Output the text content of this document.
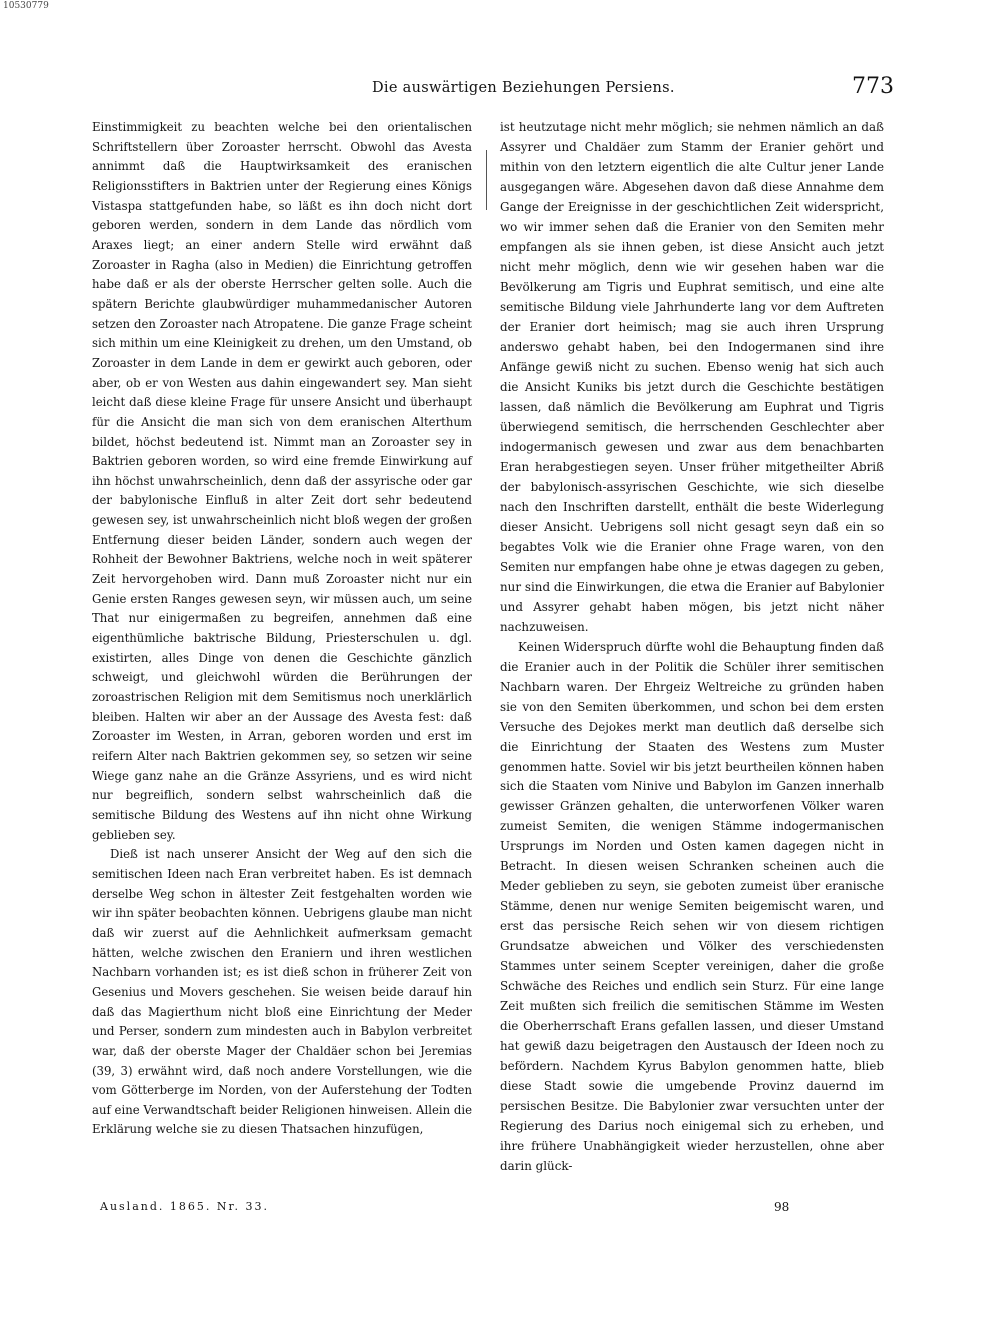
10530779
Die auswärtigen Beziehungen Persiens.	773

Einstimmigkeit zu beachten welche bei den orientalischen Schriftstellern über Zoroaster herrscht. Obwohl das Avesta annimmt daß die Hauptwirksamkeit des eranischen Religionsstifters in Baktrien unter der Regierung eines Königs Vistaspa stattgefunden habe, so läßt es ihn doch nicht dort geboren werden, sondern in dem Lande das nördlich vom Araxes liegt; an einer andern Stelle wird erwähnt daß Zoroaster in Ragha (also in Medien) die Einrichtung getroffen habe daß er als der oberste Herrscher gelten solle. Auch die spätern Berichte glaubwürdiger muhammedanischer Autoren setzen den Zoroaster nach Atropatene. Die ganze Frage scheint sich mithin um eine Kleinigkeit zu drehen, um den Umstand, ob Zoroaster in dem Lande in dem er gewirkt auch geboren, oder aber, ob er von Westen aus dahin eingewandert sey. Man sieht leicht daß diese kleine Frage für unsere Ansicht und überhaupt für die Ansicht die man sich von dem eranischen Alterthum bildet, höchst bedeutend ist. Nimmt man an Zoroaster sey in Baktrien geboren worden, so wird eine fremde Einwirkung auf ihn höchst unwahrscheinlich, denn daß der assyrische oder gar der babylonische Einfluß in alter Zeit dort sehr bedeutend gewesen sey, ist unwahrscheinlich nicht bloß wegen der großen Entfernung dieser beiden Länder, sondern auch wegen der Rohheit der Bewohner Baktriens, welche noch in weit späterer Zeit hervorgehoben wird. Dann muß Zoroaster nicht nur ein Genie ersten Ranges gewesen seyn, wir müssen auch, um seine That nur einigermaßen zu begreifen, annehmen daß eine eigenthümliche baktrische Bildung, Priesterschulen u. dgl. existirten, alles Dinge von denen die Geschichte gänzlich schweigt, und gleichwohl würden die Berührungen der zoroastrischen Religion mit dem Semitismus noch unerklärlich bleiben. Halten wir aber an der Aussage des Avesta fest: daß Zoroaster im Westen, in Arran, geboren worden und erst im reifern Alter nach Baktrien gekommen sey, so setzen wir seine Wiege ganz nahe an die Gränze Assyriens, und es wird nicht nur begreiflich, sondern selbst wahrscheinlich daß die semitische Bildung des Westens auf ihn nicht ohne Wirkung geblieben sey.

Dieß ist nach unserer Ansicht der Weg auf den sich die semitischen Ideen nach Eran verbreitet haben. Es ist demnach derselbe Weg schon in ältester Zeit festgehalten worden wie wir ihn später beobachten können. Uebrigens glaube man nicht daß wir zuerst auf die Aehnlichkeit aufmerksam gemacht hätten, welche zwischen den Eraniern und ihren westlichen Nachbarn vorhanden ist; es ist dieß schon in früherer Zeit von Gesenius und Movers geschehen. Sie weisen beide darauf hin daß das Magierthum nicht bloß eine Einrichtung der Meder und Perser, sondern zum mindesten auch in Babylon verbreitet war, daß der oberste Mager der Chaldäer schon bei Jeremias (39, 3) erwähnt wird, daß noch andere Vorstellungen, wie die vom Götterberge im Norden, von der Auferstehung der Todten auf eine Verwandtschaft beider Religionen hinweisen. Allein die Erklärung welche sie zu diesen Thatsachen hinzufügen,

ist heutzutage nicht mehr möglich; sie nehmen nämlich an daß Assyrer und Chaldäer zum Stamm der Eranier gehört und mithin von den letztern eigentlich die alte Cultur jener Lande ausgegangen wäre. Abgesehen davon daß diese Annahme dem Gange der Ereignisse in der geschichtlichen Zeit widerspricht, wo wir immer sehen daß die Eranier von den Semiten mehr empfangen als sie ihnen geben, ist diese Ansicht auch jetzt nicht mehr möglich, denn wie wir gesehen haben war die Bevölkerung am Tigris und Euphrat semitisch, und eine alte semitische Bildung viele Jahrhunderte lang vor dem Auftreten der Eranier dort heimisch; mag sie auch ihren Ursprung anderswo gehabt haben, bei den Indogermanen sind ihre Anfänge gewiß nicht zu suchen. Ebenso wenig hat sich auch die Ansicht Kuniks bis jetzt durch die Geschichte bestätigen lassen, daß nämlich die Bevölkerung am Euphrat und Tigris überwiegend semitisch, die herrschenden Geschlechter aber indogermanisch gewesen und zwar aus dem benachbarten Eran herabgestiegen seyen. Unser früher mitgetheilter Abriß der babylonisch-assyrischen Geschichte, wie sich dieselbe nach den Inschriften darstellt, enthält die beste Widerlegung dieser Ansicht. Uebrigens soll nicht gesagt seyn daß ein so begabtes Volk wie die Eranier ohne Frage waren, von den Semiten nur empfangen habe ohne je etwas dagegen zu geben, nur sind die Einwirkungen, die etwa die Eranier auf Babylonier und Assyrer gehabt haben mögen, bis jetzt nicht näher nachzuweisen.

Keinen Widerspruch dürfte wohl die Behauptung finden daß die Eranier auch in der Politik die Schüler ihrer semitischen Nachbarn waren. Der Ehrgeiz Weltreiche zu gründen haben sie von den Semiten überkommen, und schon bei dem ersten Versuche des Dejokes merkt man deutlich daß derselbe sich die Einrichtung der Staaten des Westens zum Muster genommen hatte. Soviel wir bis jetzt beurtheilen können haben sich die Staaten vom Ninive und Babylon im Ganzen innerhalb gewisser Gränzen gehalten, die unterworfenen Völker waren zumeist Semiten, die wenigen Stämme indogermanischen Ursprungs im Norden und Osten kamen dagegen nicht in Betracht. In diesen weisen Schranken scheinen auch die Meder geblieben zu seyn, sie geboten zumeist über eranische Stämme, denen nur wenige Semiten beigemischt waren, und erst das persische Reich sehen wir von diesem richtigen Grundsatze abweichen und Völker des verschiedensten Stammes unter seinem Scepter vereinigen, daher die große Schwäche des Reiches und endlich sein Sturz. Für eine lange Zeit mußten sich freilich die semitischen Stämme im Westen die Oberherrschaft Erans gefallen lassen, und dieser Umstand hat gewiß dazu beigetragen den Austausch der Ideen noch zu befördern. Nachdem Kyrus Babylon genommen hatte, blieb diese Stadt sowie die umgebende Provinz dauernd im persischen Besitze. Die Babylonier zwar versuchten unter der Regierung des Darius noch einigemal sich zu erheben, und ihre frühere Unabhängigkeit wieder herzustellen, ohne aber darin glück-

Ausland. 1865. Nr. 33.	98
